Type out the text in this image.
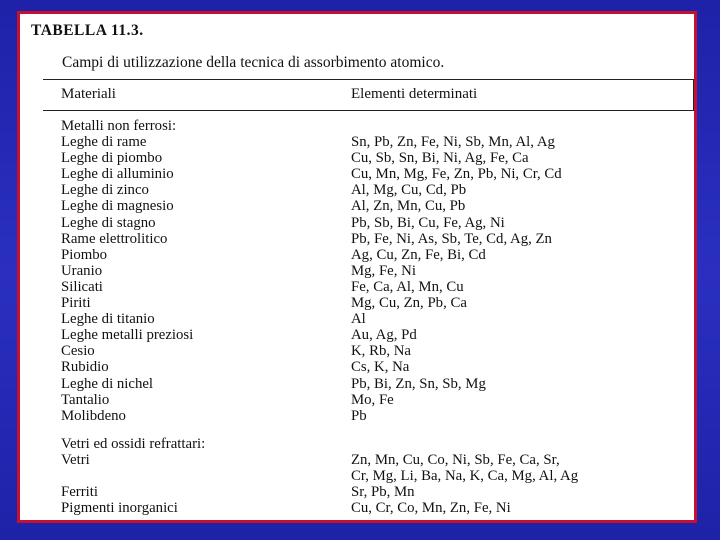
TABELLA 11.3.
Campi di utilizzazione della tecnica di assorbimento atomico.
Materiali	Elementi determinati
Metalli non ferrosi:
Leghe di rame	Sn, Pb, Zn, Fe, Ni, Sb, Mn, Al, Ag
Leghe di piombo	Cu, Sb, Sn, Bi, Ni, Ag, Fe, Ca
Leghe di alluminio	Cu, Mn, Mg, Fe, Zn, Pb, Ni, Cr, Cd
Leghe di zinco	Al, Mg, Cu, Cd, Pb
Leghe di magnesio	Al, Zn, Mn, Cu, Pb
Leghe di stagno	Pb, Sb, Bi, Cu, Fe, Ag, Ni
Rame elettrolitico	Pb, Fe, Ni, As, Sb, Te, Cd, Ag, Zn
Piombo	Ag, Cu, Zn, Fe, Bi, Cd
Uranio	Mg, Fe, Ni
Silicati	Fe, Ca, Al, Mn, Cu
Piriti	Mg, Cu, Zn, Pb, Ca
Leghe di titanio	Al
Leghe metalli preziosi	Au, Ag, Pd
Cesio	K, Rb, Na
Rubidio	Cs, K, Na
Leghe di nichel	Pb, Bi, Zn, Sn, Sb, Mg
Tantalio	Mo, Fe
Molibdeno	Pb
Vetri ed ossidi refrattari:
Vetri	Zn, Mn, Cu, Co, Ni, Sb, Fe, Ca, Sr,
Cr, Mg, Li, Ba, Na, K, Ca, Mg, Al, Ag
Ferriti	Sr, Pb, Mn
Pigmenti inorganici	Cu, Cr, Co, Mn, Zn, Fe, Ni
